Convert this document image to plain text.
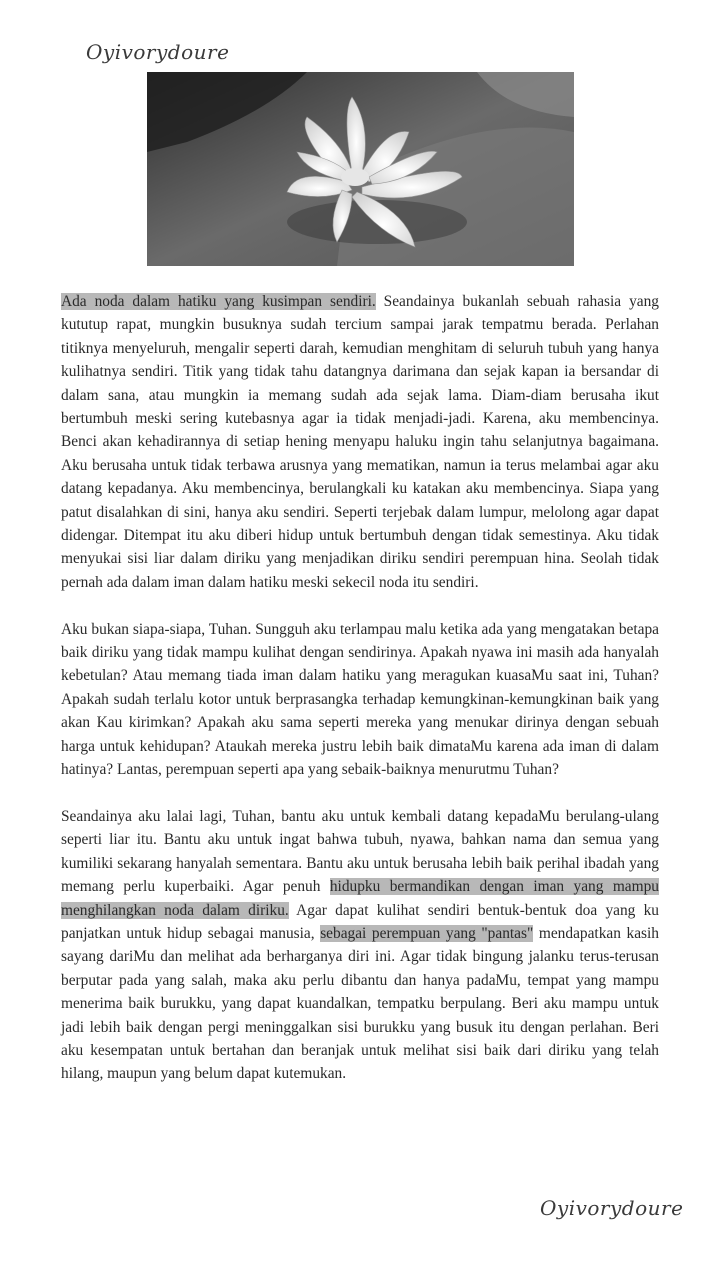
Oyivorydoure

Ada noda dalam hatiku yang kusimpan sendiri. Seandainya bukanlah sebuah rahasia yang kututup rapat, mungkin busuknya sudah tercium sampai jarak tempatmu berada. Perlahan titiknya menyeluruh, mengalir seperti darah, kemudian menghitam di seluruh tubuh yang hanya kulihatnya sendiri. Titik yang tidak tahu datangnya darimana dan sejak kapan ia bersandar di dalam sana, atau mungkin ia memang sudah ada sejak lama. Diam-diam berusaha ikut bertumbuh meski sering kutebasnya agar ia tidak menjadi-jadi. Karena, aku membencinya. Benci akan kehadirannya di setiap hening menyapu haluku ingin tahu selanjutnya bagaimana. Aku berusaha untuk tidak terbawa arusnya yang mematikan, namun ia terus melambai agar aku datang kepadanya. Aku membencinya, berulangkali ku katakan aku membencinya. Siapa yang patut disalahkan di sini, hanya aku sendiri. Seperti terjebak dalam lumpur, melolong agar dapat didengar. Ditempat itu aku diberi hidup untuk bertumbuh dengan tidak semestinya. Aku tidak menyukai sisi liar dalam diriku yang menjadikan diriku sendiri perempuan hina. Seolah tidak pernah ada dalam iman dalam hatiku meski sekecil noda itu sendiri.

Aku bukan siapa-siapa, Tuhan. Sungguh aku terlampau malu ketika ada yang mengatakan betapa baik diriku yang tidak mampu kulihat dengan sendirinya. Apakah nyawa ini masih ada hanyalah kebetulan? Atau memang tiada iman dalam hatiku yang meragukan kuasaMu saat ini, Tuhan? Apakah sudah terlalu kotor untuk berprasangka terhadap kemungkinan-kemungkinan baik yang akan Kau kirimkan? Apakah aku sama seperti mereka yang menukar dirinya dengan sebuah harga untuk kehidupan? Ataukah mereka justru lebih baik dimataMu karena ada iman di dalam hatinya? Lantas, perempuan seperti apa yang sebaik-baiknya menurutmu Tuhan?

Seandainya aku lalai lagi, Tuhan, bantu aku untuk kembali datang kepadaMu berulang-ulang seperti liar itu. Bantu aku untuk ingat bahwa tubuh, nyawa, bahkan nama dan semua yang kumiliki sekarang hanyalah sementara. Bantu aku untuk berusaha lebih baik perihal ibadah yang memang perlu kuperbaiki. Agar penuh hidupku bermandikan dengan iman yang mampu menghilangkan noda dalam diriku. Agar dapat kulihat sendiri bentuk-bentuk doa yang ku panjatkan untuk hidup sebagai manusia, sebagai perempuan yang "pantas" mendapatkan kasih sayang dariMu dan melihat ada berharganya diri ini. Agar tidak bingung jalanku terus-terusan berputar pada yang salah, maka aku perlu dibantu dan hanya padaMu, tempat yang mampu menerima baik burukku, yang dapat kuandalkan, tempatku berpulang. Beri aku mampu untuk jadi lebih baik dengan pergi meninggalkan sisi burukku yang busuk itu dengan perlahan. Beri aku kesempatan untuk bertahan dan beranjak untuk melihat sisi baik dari diriku yang telah hilang, maupun yang belum dapat kutemukan.

Oyivorydoure
